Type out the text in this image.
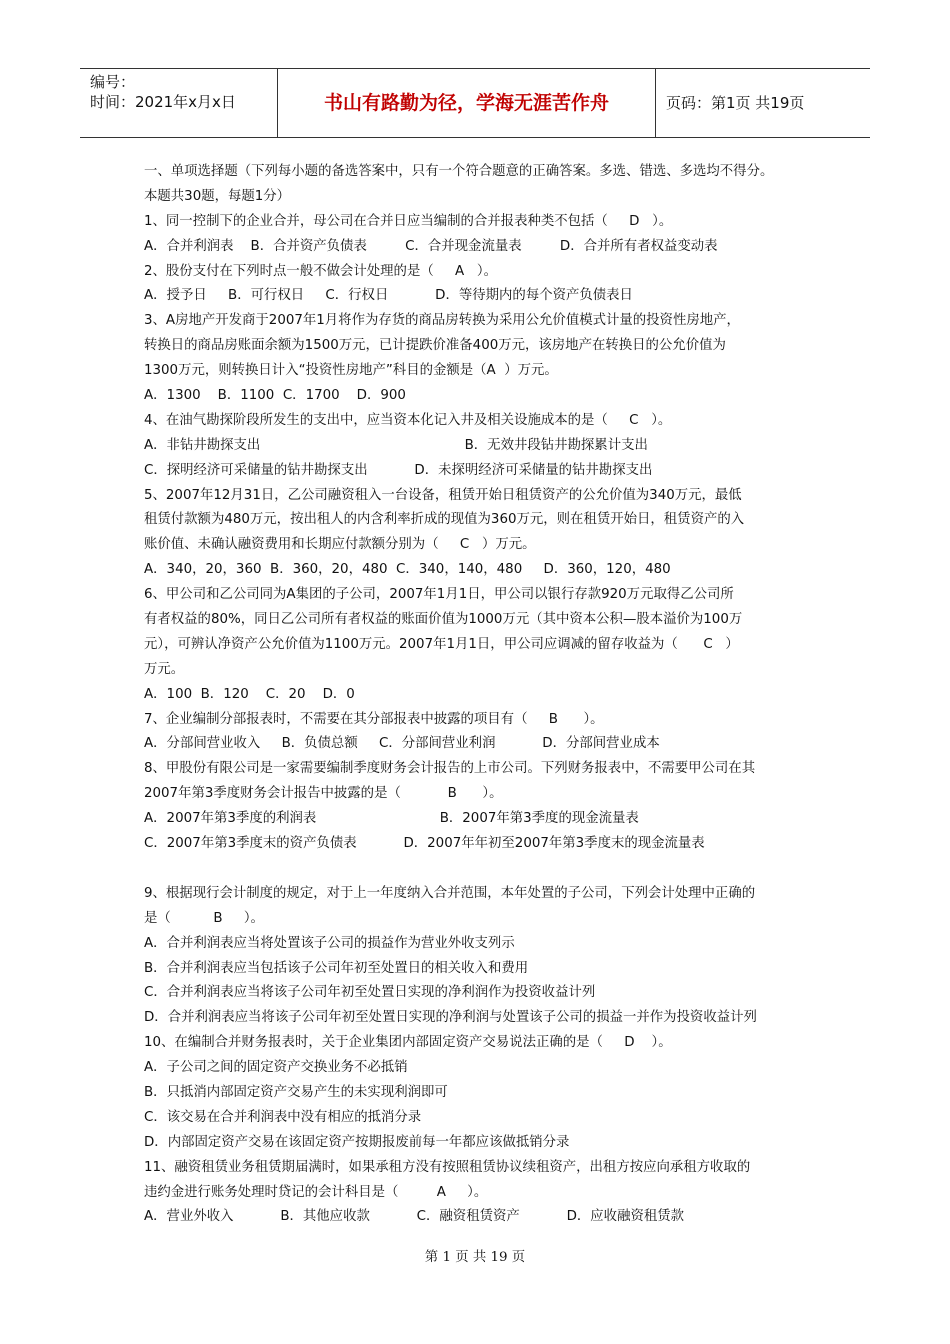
编号：
时间：2021年x月x日	书山有路勤为径，学海无涯苦作舟	页码：第1页 共19页
一、单项选择题（下列每小题的备选答案中，只有一个符合题意的正确答案。多选、错选、多选均不得分。
本题共30题，每题1分）
1、同一控制下的企业合并，母公司在合并日应当编制的合并报表种类不包括（     D   ）。
A．合并利润表    B．合并资产负债表         C．合并现金流量表         D．合并所有者权益变动表
2、股份支付在下列时点一般不做会计处理的是（     A   ）。
A．授予日     B．可行权日     C．行权日           D．等待期内的每个资产负债表日
3、A房地产开发商于2007年1月将作为存货的商品房转换为采用公允价值模式计量的投资性房地产，
转换日的商品房账面余额为1500万元，已计提跌价准备400万元，该房地产在转换日的公允价值为
1300万元，则转换日计入“投资性房地产”科目的金额是（A  ）万元。
A．1300    B．1100  C．1700    D．900
4、在油气勘探阶段所发生的支出中，应当资本化记入井及相关设施成本的是（     C   ）。
A．非钻井勘探支出                                                B．无效井段钻井勘探累计支出
C．探明经济可采储量的钻井勘探支出           D．未探明经济可采储量的钻井勘探支出
5、2007年12月31日，乙公司融资租入一台设备，租赁开始日租赁资产的公允价值为340万元，最低
租赁付款额为480万元，按出租人的内含利率折成的现值为360万元，则在租赁开始日，租赁资产的入
账价值、未确认融资费用和长期应付款额分别为（     C   ）万元。
A．340，20，360  B．360，20，480  C．340，140，480     D．360，120，480
6、甲公司和乙公司同为A集团的子公司，2007年1月1日，甲公司以银行存款920万元取得乙公司所
有者权益的80%，同日乙公司所有者权益的账面价值为1000万元（其中资本公积—股本溢价为100万
元），可辨认净资产公允价值为1100万元。2007年1月1日，甲公司应调减的留存收益为（      C   ）
万元。
A．100  B．120    C．20    D．0
7、企业编制分部报表时，不需要在其分部报表中披露的项目有（     B      ）。
A．分部间营业收入     B．负债总额     C．分部间营业利润           D．分部间营业成本
8、甲股份有限公司是一家需要编制季度财务会计报告的上市公司。下列财务报表中，不需要甲公司在其
2007年第3季度财务会计报告中披露的是（           B      ）。
A．2007年第3季度的利润表                             B．2007年第3季度的现金流量表
C．2007年第3季度末的资产负债表           D．2007年年初至2007年第3季度末的现金流量表
9、根据现行会计制度的规定，对于上一年度纳入合并范围，本年处置的子公司，下列会计处理中正确的
是（          B     ）。
A．合并利润表应当将处置该子公司的损益作为营业外收支列示
B．合并利润表应当包括该子公司年初至处置日的相关收入和费用
C．合并利润表应当将该子公司年初至处置日实现的净利润作为投资收益计列
D．合并利润表应当将该子公司年初至处置日实现的净利润与处置该子公司的损益一并作为投资收益计列
10、在编制合并财务报表时，关于企业集团内部固定资产交易说法正确的是（     D    ）。
A．子公司之间的固定资产交换业务不必抵销
B．只抵消内部固定资产交易产生的未实现利润即可
C．该交易在合并利润表中没有相应的抵消分录
D．内部固定资产交易在该固定资产按期报废前每一年都应该做抵销分录
11、融资租赁业务租赁期届满时，如果承租方没有按照租赁协议续租资产，出租方按应向承租方收取的
违约金进行账务处理时贷记的会计科目是（         A     ）。
A．营业外收入           B．其他应收款           C．融资租赁资产           D．应收融资租赁款
第 1 页 共 19 页
